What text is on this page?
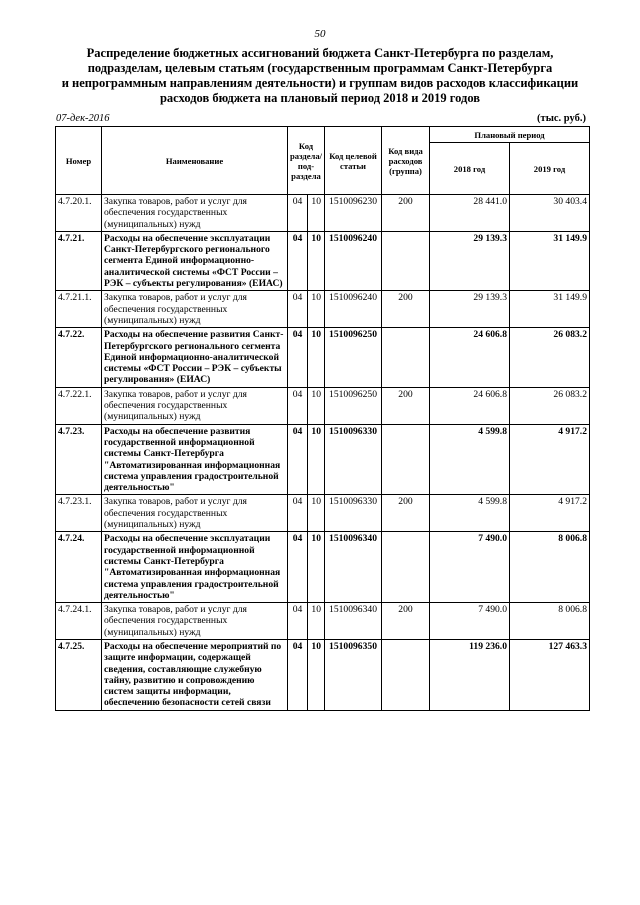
50
Распределение бюджетных ассигнований бюджета Санкт-Петербурга по разделам,
подразделам, целевым статьям (государственным программам Санкт-Петербурга
и непрограммным направлениям деятельности) и группам видов расходов классификации
расходов бюджета на плановый период 2018 и 2019 годов
07-дек-2016	(тыс. руб.)
Номер	Наименование	Код раздела/ под- раздела		Код целевой статьи	Код вида расходов (группа)	Плановый период	
						2018 год	2019 год
4.7.20.1.	Закупка товаров, работ и услуг для обеспечения государственных (муниципальных) нужд	04	10	1510096230	200	28 441.0	30 403.4
4.7.21.	Расходы на обеспечение эксплуатации Санкт-Петербургского регионального сегмента Единой информационно-аналитической системы «ФСТ России – РЭК – субъекты регулирования» (ЕИАС)	04	10	1510096240		29 139.3	31 149.9
4.7.21.1.	Закупка товаров, работ и услуг для обеспечения государственных (муниципальных) нужд	04	10	1510096240	200	29 139.3	31 149.9
4.7.22.	Расходы на обеспечение развития Санкт-Петербургского регионального сегмента Единой информационно-аналитической системы «ФСТ России – РЭК – субъекты регулирования» (ЕИАС)	04	10	1510096250		24 606.8	26 083.2
4.7.22.1.	Закупка товаров, работ и услуг для обеспечения государственных (муниципальных) нужд	04	10	1510096250	200	24 606.8	26 083.2
4.7.23.	Расходы на обеспечение развития государственной информационной системы Санкт-Петербурга "Автоматизированная информационная система управления градостроительной деятельностью"	04	10	1510096330		4 599.8	4 917.2
4.7.23.1.	Закупка товаров, работ и услуг для обеспечения государственных (муниципальных) нужд	04	10	1510096330	200	4 599.8	4 917.2
4.7.24.	Расходы на обеспечение эксплуатации государственной информационной системы Санкт-Петербурга "Автоматизированная информационная система управления градостроительной деятельностью"	04	10	1510096340		7 490.0	8 006.8
4.7.24.1.	Закупка товаров, работ и услуг для обеспечения государственных (муниципальных) нужд	04	10	1510096340	200	7 490.0	8 006.8
4.7.25.	Расходы на обеспечение мероприятий по защите информации, содержащей сведения, составляющие служебную тайну, развитию и сопровождению систем защиты информации, обеспечению безопасности сетей связи	04	10	1510096350		119 236.0	127 463.3
